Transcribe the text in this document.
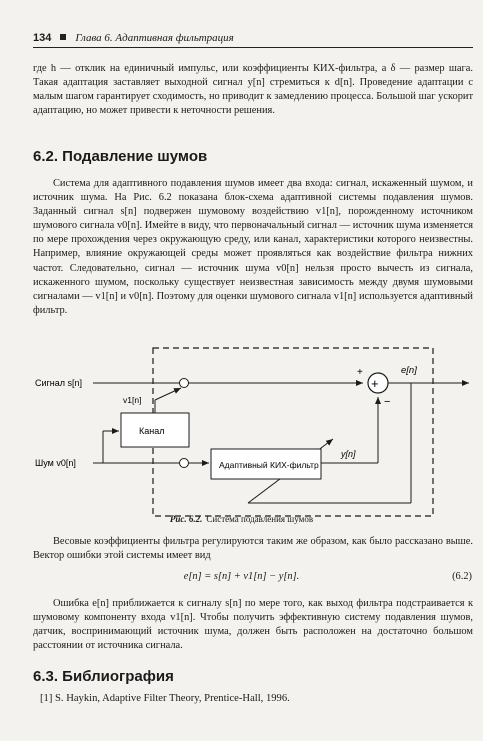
134 Глава 6. Адаптивная фильтрация

где h — отклик на единичный импульс, или коэффициенты КИХ-фильтра, а δ — размер шага. Такая адаптация заставляет выходной сигнал y[n] стремиться к d[n]. Проведение адаптации с малым шагом гарантирует сходимость, но приводит к замедлению процесса. Большой шаг ускорит адаптацию, но может привести к неточности решения.

6.2. Подавление шумов

Система для адаптивного подавления шумов имеет два входа: сигнал, искаженный шумом, и источник шума. На Рис. 6.2 показана блок-схема адаптивной системы подавления шумов. Заданный сигнал s[n] подвержен шумовому воздействию v1[n], порожденному источником шумового сигнала v0[n]. Имейте в виду, что первоначальный сигнал — источник шума изменяется по мере прохождения через окружающую среду, или канал, характеристики которого неизвестны. Например, влияние окружающей среды может проявляться как воздействие фильтра нижних частот. Следовательно, сигнал — источник шума v0[n] нельзя просто вычесть из сигнала, искаженного шумом, поскольку существует неизвестная зависимость между двумя шумовыми сигналами — v1[n] и v0[n]. Поэтому для оценки шумового сигнала v1[n] используется адаптивный фильтр.

+
+
−
e[n]
Канал
v1[n]
Адаптивный КИХ-фильтр
y[n]
Сигнал s[n]
Шум v0[n]
Рис. 6.2. Система подавления шумов

Весовые коэффициенты фильтра регулируются таким же образом, как было рассказано выше. Вектор ошибки этой системы имеет вид

e[n] = s[n] + v1[n] − y[n].	(6.2)

Ошибка e[n] приближается к сигналу s[n] по мере того, как выход фильтра подстраивается к шумовому компоненту входа v1[n]. Чтобы получить эффективную систему подавления шумов, датчик, воспринимающий источник шума, должен быть расположен на достаточно большом расстоянии от источника сигнала.

6.3. Библиография
[1] S. Haykin, Adaptive Filter Theory, Prentice-Hall, 1996.
